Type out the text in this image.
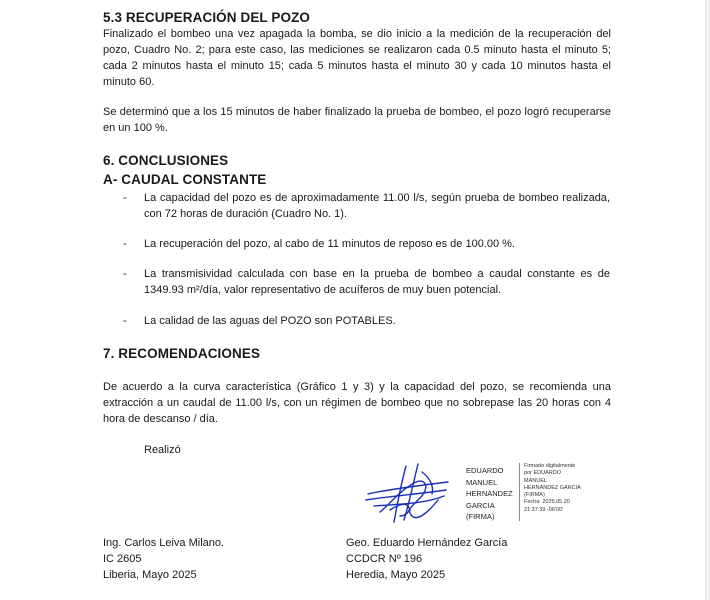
5.3 RECUPERACIÓN DEL POZO

Finalizado el bombeo una vez apagada la bomba, se dio inicio a la medición de la recuperación del pozo, Cuadro No. 2; para este caso, las mediciones se realizaron cada 0.5 minuto hasta el minuto 5; cada 2 minutos hasta el minuto 15; cada 5 minutos hasta el minuto 30 y cada 10 minutos hasta el minuto 60.

Se determinó que a los 15 minutos de haber finalizado la prueba de bombeo, el pozo logró recuperarse en un 100 %.

6. CONCLUSIONES
A- CAUDAL CONSTANTE
- La capacidad del pozo es de aproximadamente 11.00 l/s, según prueba de bombeo realizada, con 72 horas de duración (Cuadro No. 1).
- La recuperación del pozo, al cabo de 11 minutos de reposo es de 100.00 %.
- La transmisividad calculada con base en la prueba de bombeo a caudal constante es de 1349.93 m²/día, valor representativo de acuíferos de muy buen potencial.
- La calidad de las aguas del POZO son POTABLES.
7. RECOMENDACIONES

De acuerdo a la curva característica (Gráfico 1 y 3) y la capacidad del pozo, se recomienda una extracción a un caudal de 11.00 l/s, con un régimen de bombeo que no sobrepase las 20 horas con 4 hora de descanso / día.

Realizó
EDUARDO
MANUEL
HERNANDEZ
GARCIA
(FIRMA)
Firmado digitalmente
por EDUARDO
MANUEL
HERNANDEZ GARCIA
(FIRMA)
Fecha: 2025.05.20
21:37:39 -06'00'
Ing. Carlos Leiva Milano.
IC 2605
Liberia, Mayo 2025
Geo. Eduardo Hernández García
CCDCR Nº 196
Heredia, Mayo 2025
